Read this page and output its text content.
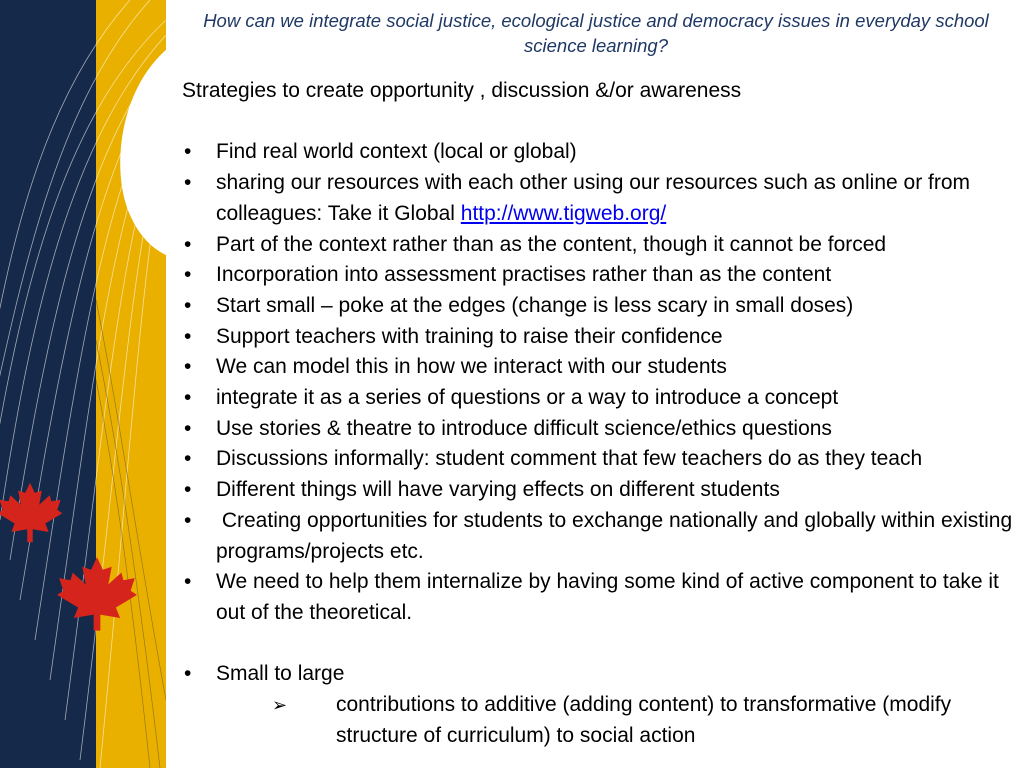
How can we integrate social justice, ecological justice and democracy issues in everyday school science learning?

Strategies to create opportunity , discussion &/or awareness

• Find real world context (local or global)
• sharing our resources with each other using our resources such as online or from colleagues: Take it Global http://www.tigweb.org/
• Part of the context rather than as the content, though it cannot be forced
• Incorporation into assessment practises rather than as the content
• Start small – poke at the edges (change is less scary in small doses)
• Support teachers with training to raise their confidence
• We can model this in how we interact with our students
• integrate it as a series of questions or a way to introduce a concept
• Use stories & theatre to introduce difficult science/ethics questions
• Discussions informally: student comment that few teachers do as they teach
• Different things will have varying effects on different students
•  Creating opportunities for students to exchange nationally and globally within existing programs/projects etc.
• We need to help them internalize by having some kind of active component to take it out of the theoretical.
• Small to large
➢ contributions to additive (adding content) to transformative (modify structure of curriculum) to social action
